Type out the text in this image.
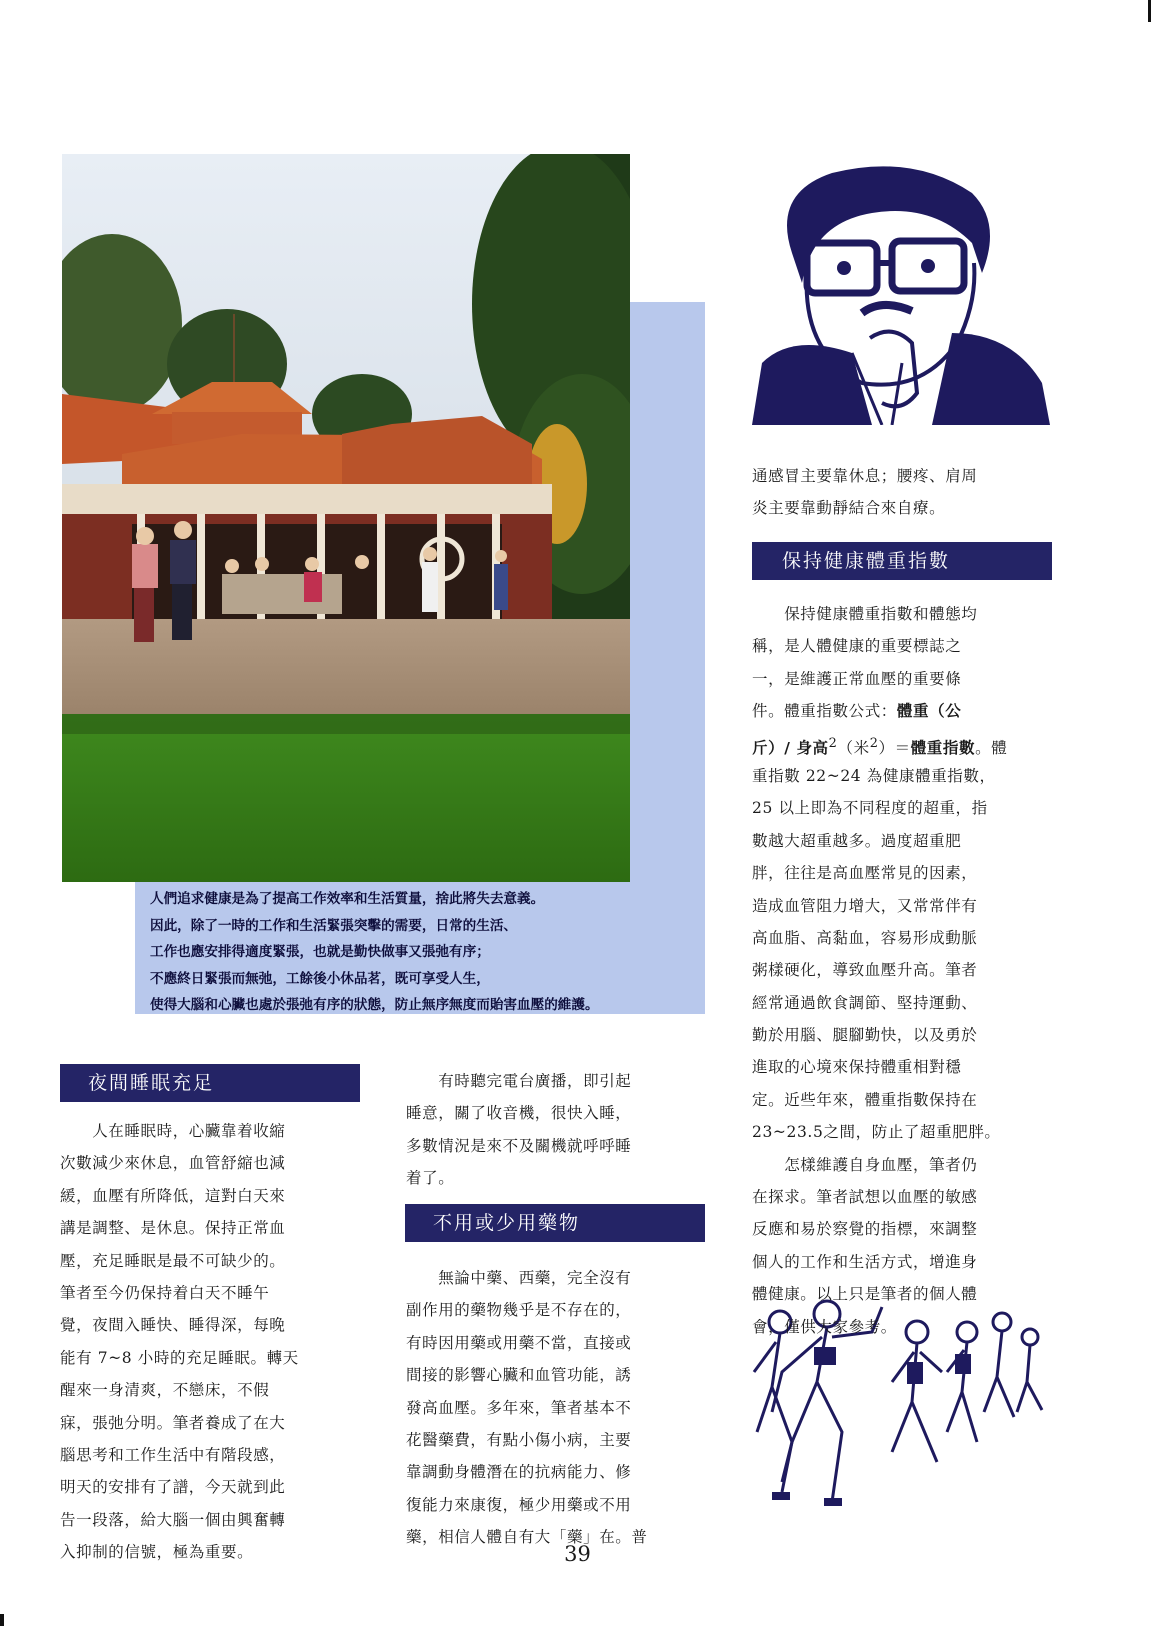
人們追求健康是為了提高工作效率和生活質量，捨此將失去意義。
因此，除了一時的工作和生活緊張突擊的需要，日常的生活、
工作也應安排得適度緊張，也就是勤快做事又張弛有序；
不應終日緊張而無弛，工餘後小休品茗，既可享受人生，
使得大腦和心臟也處於張弛有序的狀態，防止無序無度而貽害血壓的維護。
夜間睡眠充足
　　人在睡眠時，心臟靠着收縮
次數減少來休息，血管舒縮也減
緩，血壓有所降低，這對白天來
講是調整、是休息。保持正常血
壓，充足睡眠是最不可缺少的。
筆者至今仍保持着白天不睡午
覺，夜間入睡快、睡得深，每晚
能有 7~8 小時的充足睡眠。轉天
醒來一身清爽，不戀床，不假
寐，張弛分明。筆者養成了在大
腦思考和工作生活中有階段感，
明天的安排有了譜，今天就到此
告一段落，給大腦一個由興奮轉
入抑制的信號，極為重要。
　　有時聽完電台廣播，即引起
睡意，關了收音機，很快入睡，
多數情況是來不及關機就呼呼睡
着了。
不用或少用藥物
　　無論中藥、西藥，完全沒有
副作用的藥物幾乎是不存在的，
有時因用藥或用藥不當，直接或
間接的影響心臟和血管功能，誘
發高血壓。多年來，筆者基本不
花醫藥費，有點小傷小病，主要
靠調動身體潛在的抗病能力、修
復能力來康復，極少用藥或不用
藥，相信人體自有大「藥」在。普
通感冒主要靠休息；腰疼、肩周
炎主要靠動靜結合來自療。
保持健康體重指數
　　保持健康體重指數和體態均
稱，是人體健康的重要標誌之
一，是維護正常血壓的重要條
件。體重指數公式：體重（公
斤）/ 身高$^2$（米$^2$）＝體重指數。體
重指數 22~24 為健康體重指數，
25 以上即為不同程度的超重，指
數越大超重越多。過度超重肥
胖，往往是高血壓常見的因素，
造成血管阻力增大，又常常伴有
高血脂、高黏血，容易形成動脈
粥樣硬化，導致血壓升高。筆者
經常通過飲食調節、堅持運動、
勤於用腦、腿腳勤快，以及勇於
進取的心境來保持體重相對穩
定。近些年來，體重指數保持在
23~23.5之間，防止了超重肥胖。
　　怎樣維護自身血壓，筆者仍
在探求。筆者試想以血壓的敏感
反應和易於察覺的指標，來調整
個人的工作和生活方式，增進身
體健康。以上只是筆者的個人體
會，僅供大家參考。
39
